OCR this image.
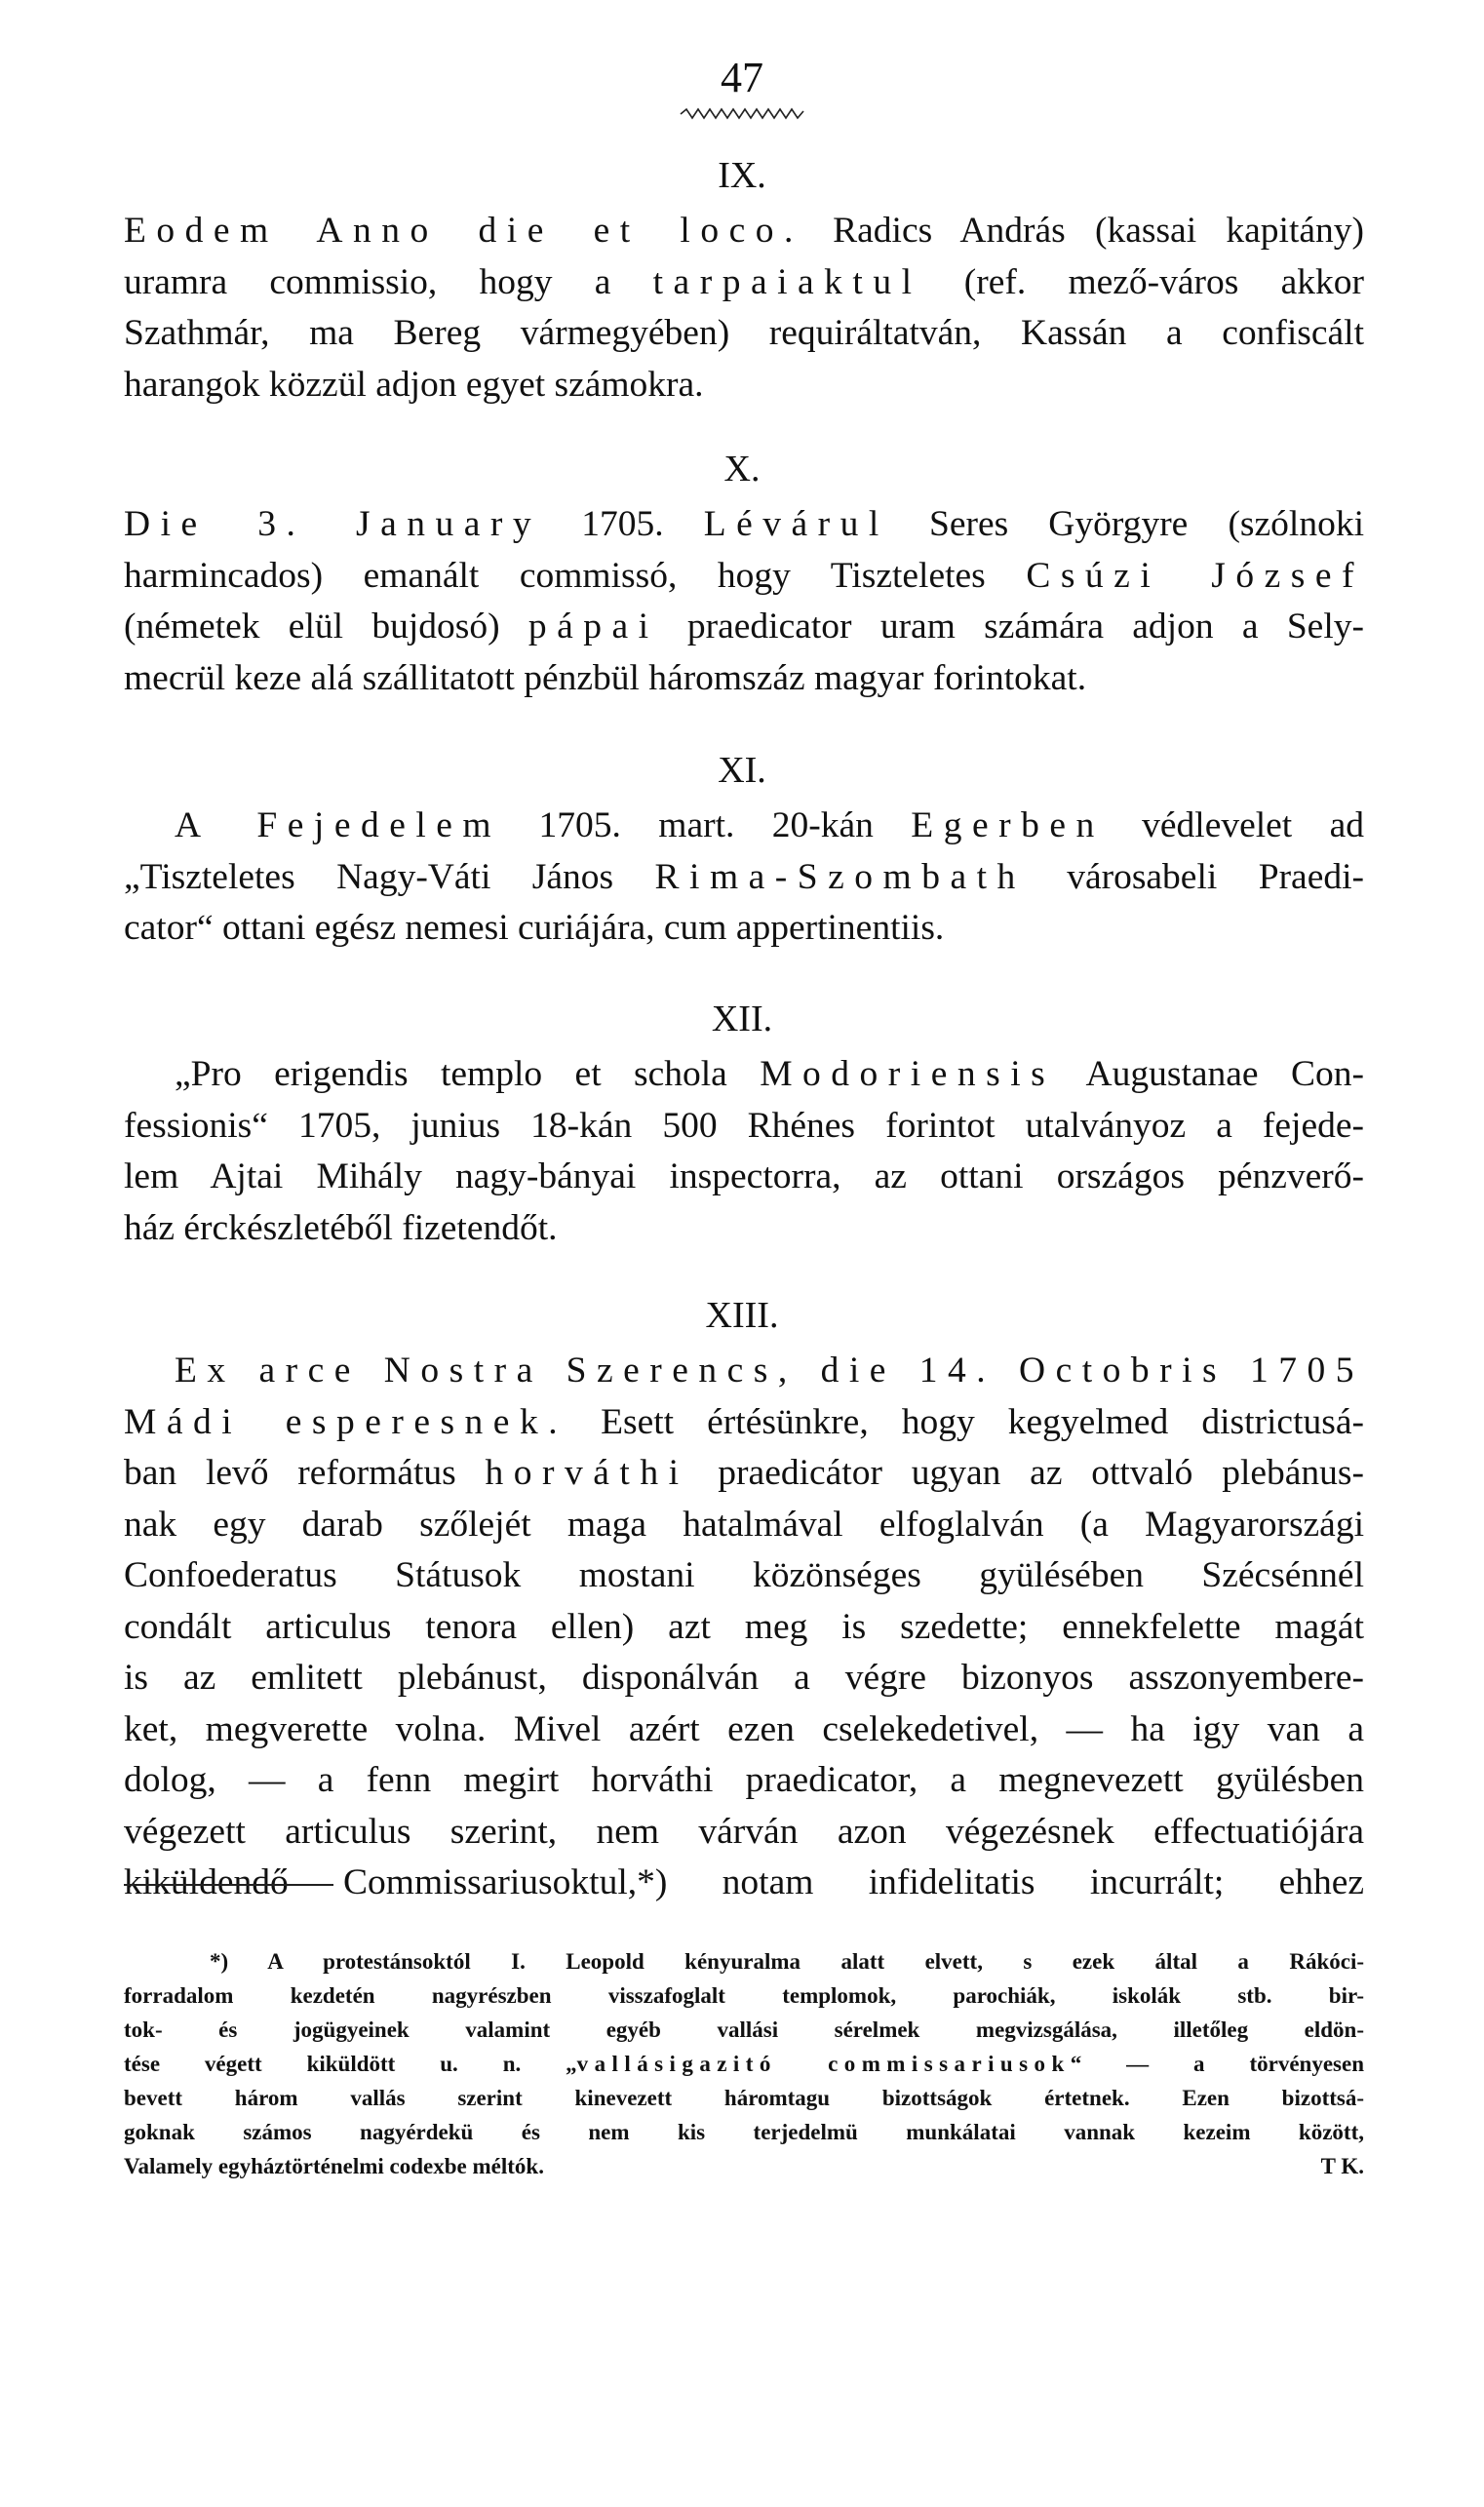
47
IX.
Eodem Anno die et loco. Radics András (kassai kapitány)
uramra commissio, hogy a tarpaiaktul (ref. mező-város akkor
Szathmár, ma Bereg vármegyében) requiráltatván, Kassán a confiscált
harangok közzül adjon egyet számokra.
X.
Die 3. January 1705. Lévárul Seres Györgyre (szólnoki
harmincados) emanált commissó, hogy Tiszteletes Csúzi József
(németek elül bujdosó) pápai praedicator uram számára adjon a Sely-
mecrül keze alá szállitatott pénzbül háromszáz magyar forintokat.
XI.
A Fejedelem 1705. mart. 20-kán Egerben védlevelet ad
„Tiszteletes Nagy-Váti János Rima-Szombath városabeli Praedi-
cator“ ottani egész nemesi curiájára, cum appertinentiis.
XII.
„Pro erigendis templo et schola Modoriensis Augustanae Con-
fessionis“ 1705, junius 18-kán 500 Rhénes forintot utalványoz a fejede-
lem Ajtai Mihály nagy-bányai inspectorra, az ottani országos pénzverő-
ház érckészletéből fizetendőt.
XIII.
Ex arce Nostra Szerencs, die 14. Octobris 1705
Mádi esperesnek. Esett értésünkre, hogy kegyelmed districtusá-
ban levő református horváthi praedicátor ugyan az ottvaló plebánus-
nak egy darab szőlejét maga hatalmával elfoglalván (a Magyarországi
Confoederatus Státusok mostani közönséges gyülésében Szécsénnél
condált articulus tenora ellen) azt meg is szedette; ennekfelette magát
is az emlitett plebánust, disponálván a végre bizonyos asszonyembere-
ket, megverette volna. Mivel azért ezen cselekedetivel, — ha igy van a
dolog, — a fenn megirt horváthi praedicator, a megnevezett gyülésben
végezett articulus szerint, nem várván azon végezésnek effectuatiójára
kiküldendő Commissariusoktul,*) notam infidelitatis incurrált; ehhez
*) A protestánsoktól I. Leopold kényuralma alatt elvett, s ezek által a Rákóci-
forradalom kezdetén nagyrészben visszafoglalt templomok, parochiák, iskolák stb. bir-
tok- és jogügyeinek valamint egyéb vallási sérelmek megvizsgálása, illetőleg eldön-
tése végett kiküldött u. n. „vallásigazitó commissariusok“ — a törvényesen
bevett három vallás szerint kinevezett háromtagu bizottságok értetnek. Ezen bizottsá-
goknak számos nagyérdekü és nem kis terjedelmü munkálatai vannak kezeim között,
Valamely egyháztörténelmi codexbe méltók.	T K.
